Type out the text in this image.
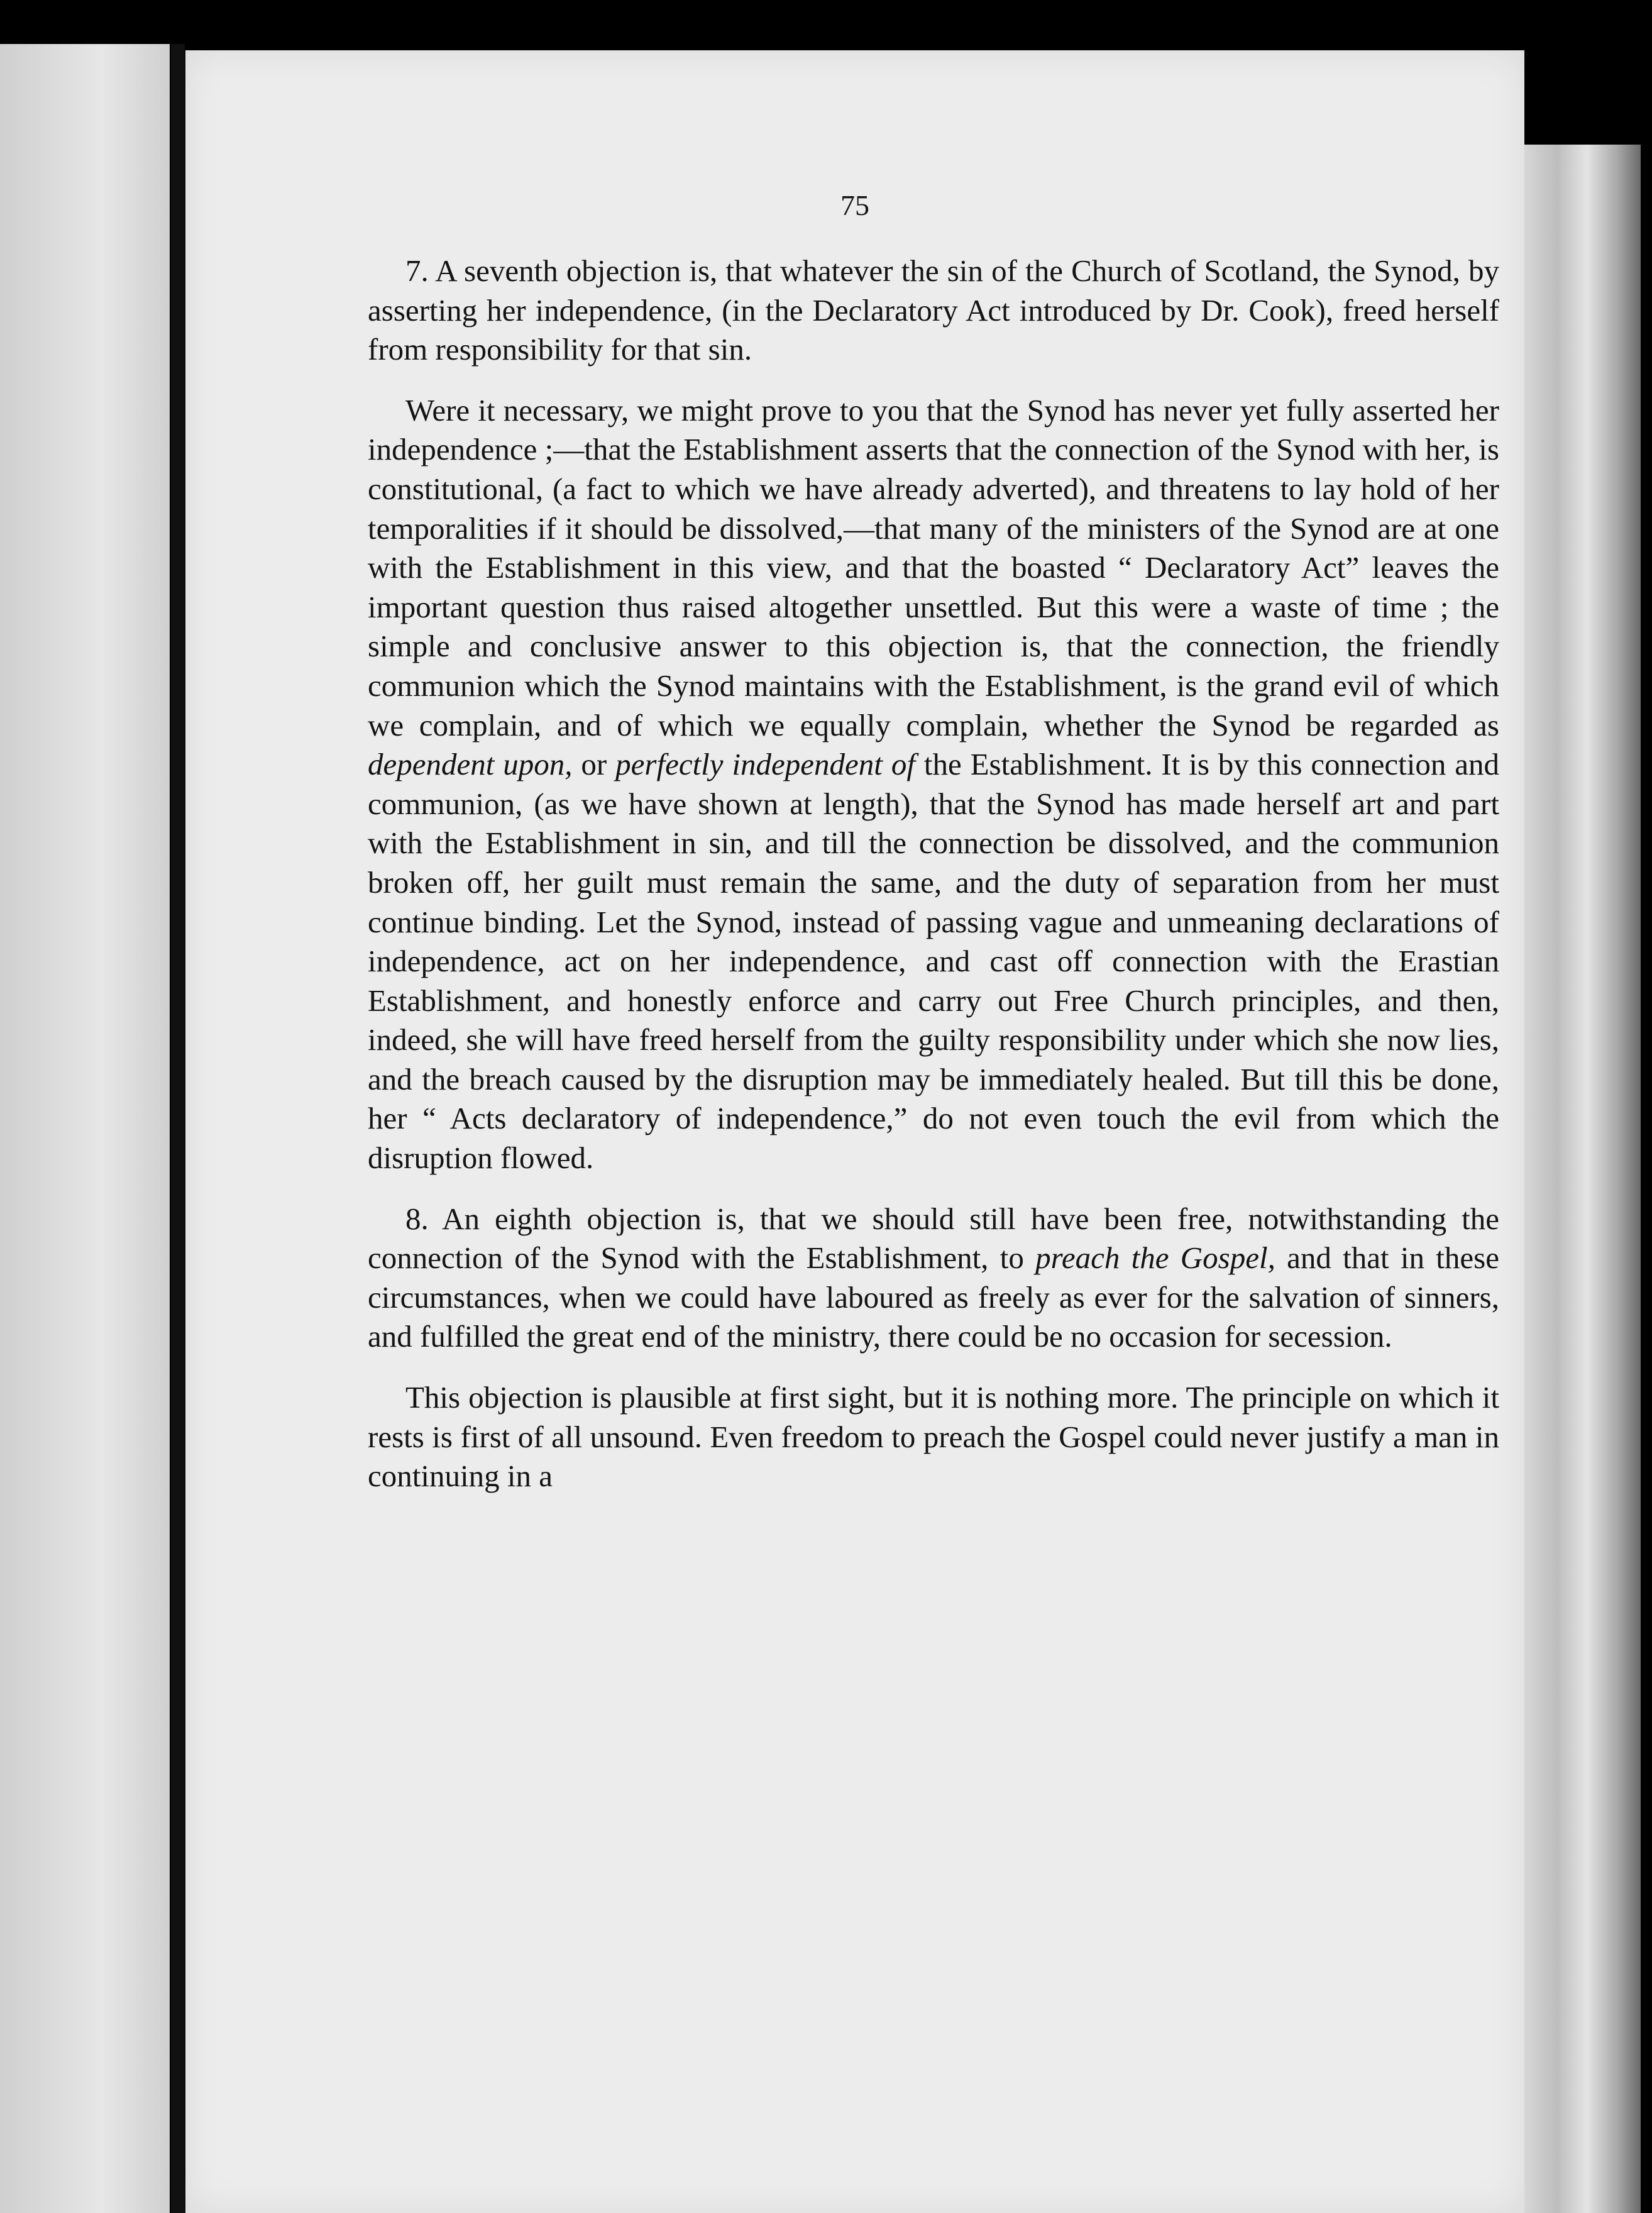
75

7. A seventh objection is, that whatever the sin of the Church of Scotland, the Synod, by asserting her independence, (in the Declaratory Act introduced by Dr. Cook), freed herself from responsibility for that sin.

Were it necessary, we might prove to you that the Synod has never yet fully asserted her independence ;—that the Establishment asserts that the connection of the Synod with her, is constitutional, (a fact to which we have already adverted), and threatens to lay hold of her temporalities if it should be dissolved,—that many of the ministers of the Synod are at one with the Establishment in this view, and that the boasted “ Declaratory Act” leaves the important question thus raised altogether unsettled. But this were a waste of time ; the simple and conclusive answer to this objection is, that the connection, the friendly communion which the Synod maintains with the Establishment, is the grand evil of which we complain, and of which we equally complain, whether the Synod be regarded as dependent upon, or perfectly independent of the Establishment. It is by this connection and communion, (as we have shown at length), that the Synod has made herself art and part with the Establishment in sin, and till the connection be dissolved, and the communion broken off, her guilt must remain the same, and the duty of separation from her must continue binding. Let the Synod, instead of passing vague and unmeaning declarations of independence, act on her independence, and cast off connection with the Erastian Establishment, and honestly enforce and carry out Free Church principles, and then, indeed, she will have freed herself from the guilty responsibility under which she now lies, and the breach caused by the disruption may be immediately healed. But till this be done, her “ Acts declaratory of independence,” do not even touch the evil from which the disruption flowed.

8. An eighth objection is, that we should still have been free, notwithstanding the connection of the Synod with the Establishment, to preach the Gospel, and that in these circumstances, when we could have laboured as freely as ever for the salvation of sinners, and fulfilled the great end of the ministry, there could be no occasion for secession.

This objection is plausible at first sight, but it is nothing more. The principle on which it rests is first of all unsound. Even freedom to preach the Gospel could never justify a man in continuing in a
